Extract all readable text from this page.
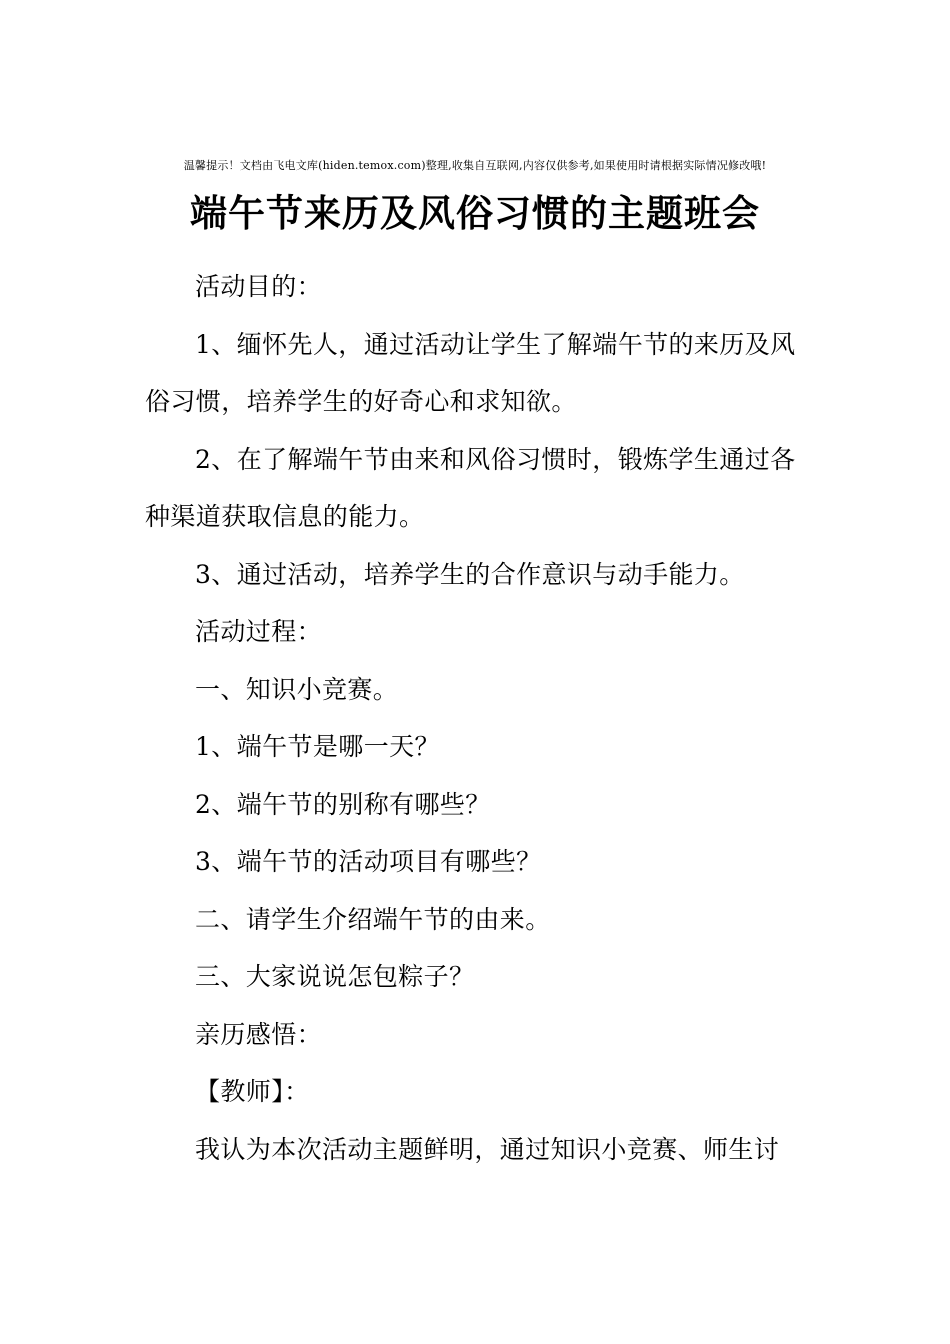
温馨提示！文档由飞电文库(hiden.temox.com)整理,收集自互联网,内容仅供参考,如果使用时请根据实际情况修改哦!
端午节来历及风俗习惯的主题班会

活动目的：

1、缅怀先人，通过活动让学生了解端午节的来历及风
俗习惯，培养学生的好奇心和求知欲。

2、在了解端午节由来和风俗习惯时，锻炼学生通过各
种渠道获取信息的能力。

3、通过活动，培养学生的合作意识与动手能力。

活动过程：

一、知识小竞赛。

1、端午节是哪一天？

2、端午节的别称有哪些？

3、端午节的活动项目有哪些？

二、请学生介绍端午节的由来。

三、大家说说怎包粽子？

亲历感悟：

【教师】：

我认为本次活动主题鲜明，通过知识小竞赛、师生讨
